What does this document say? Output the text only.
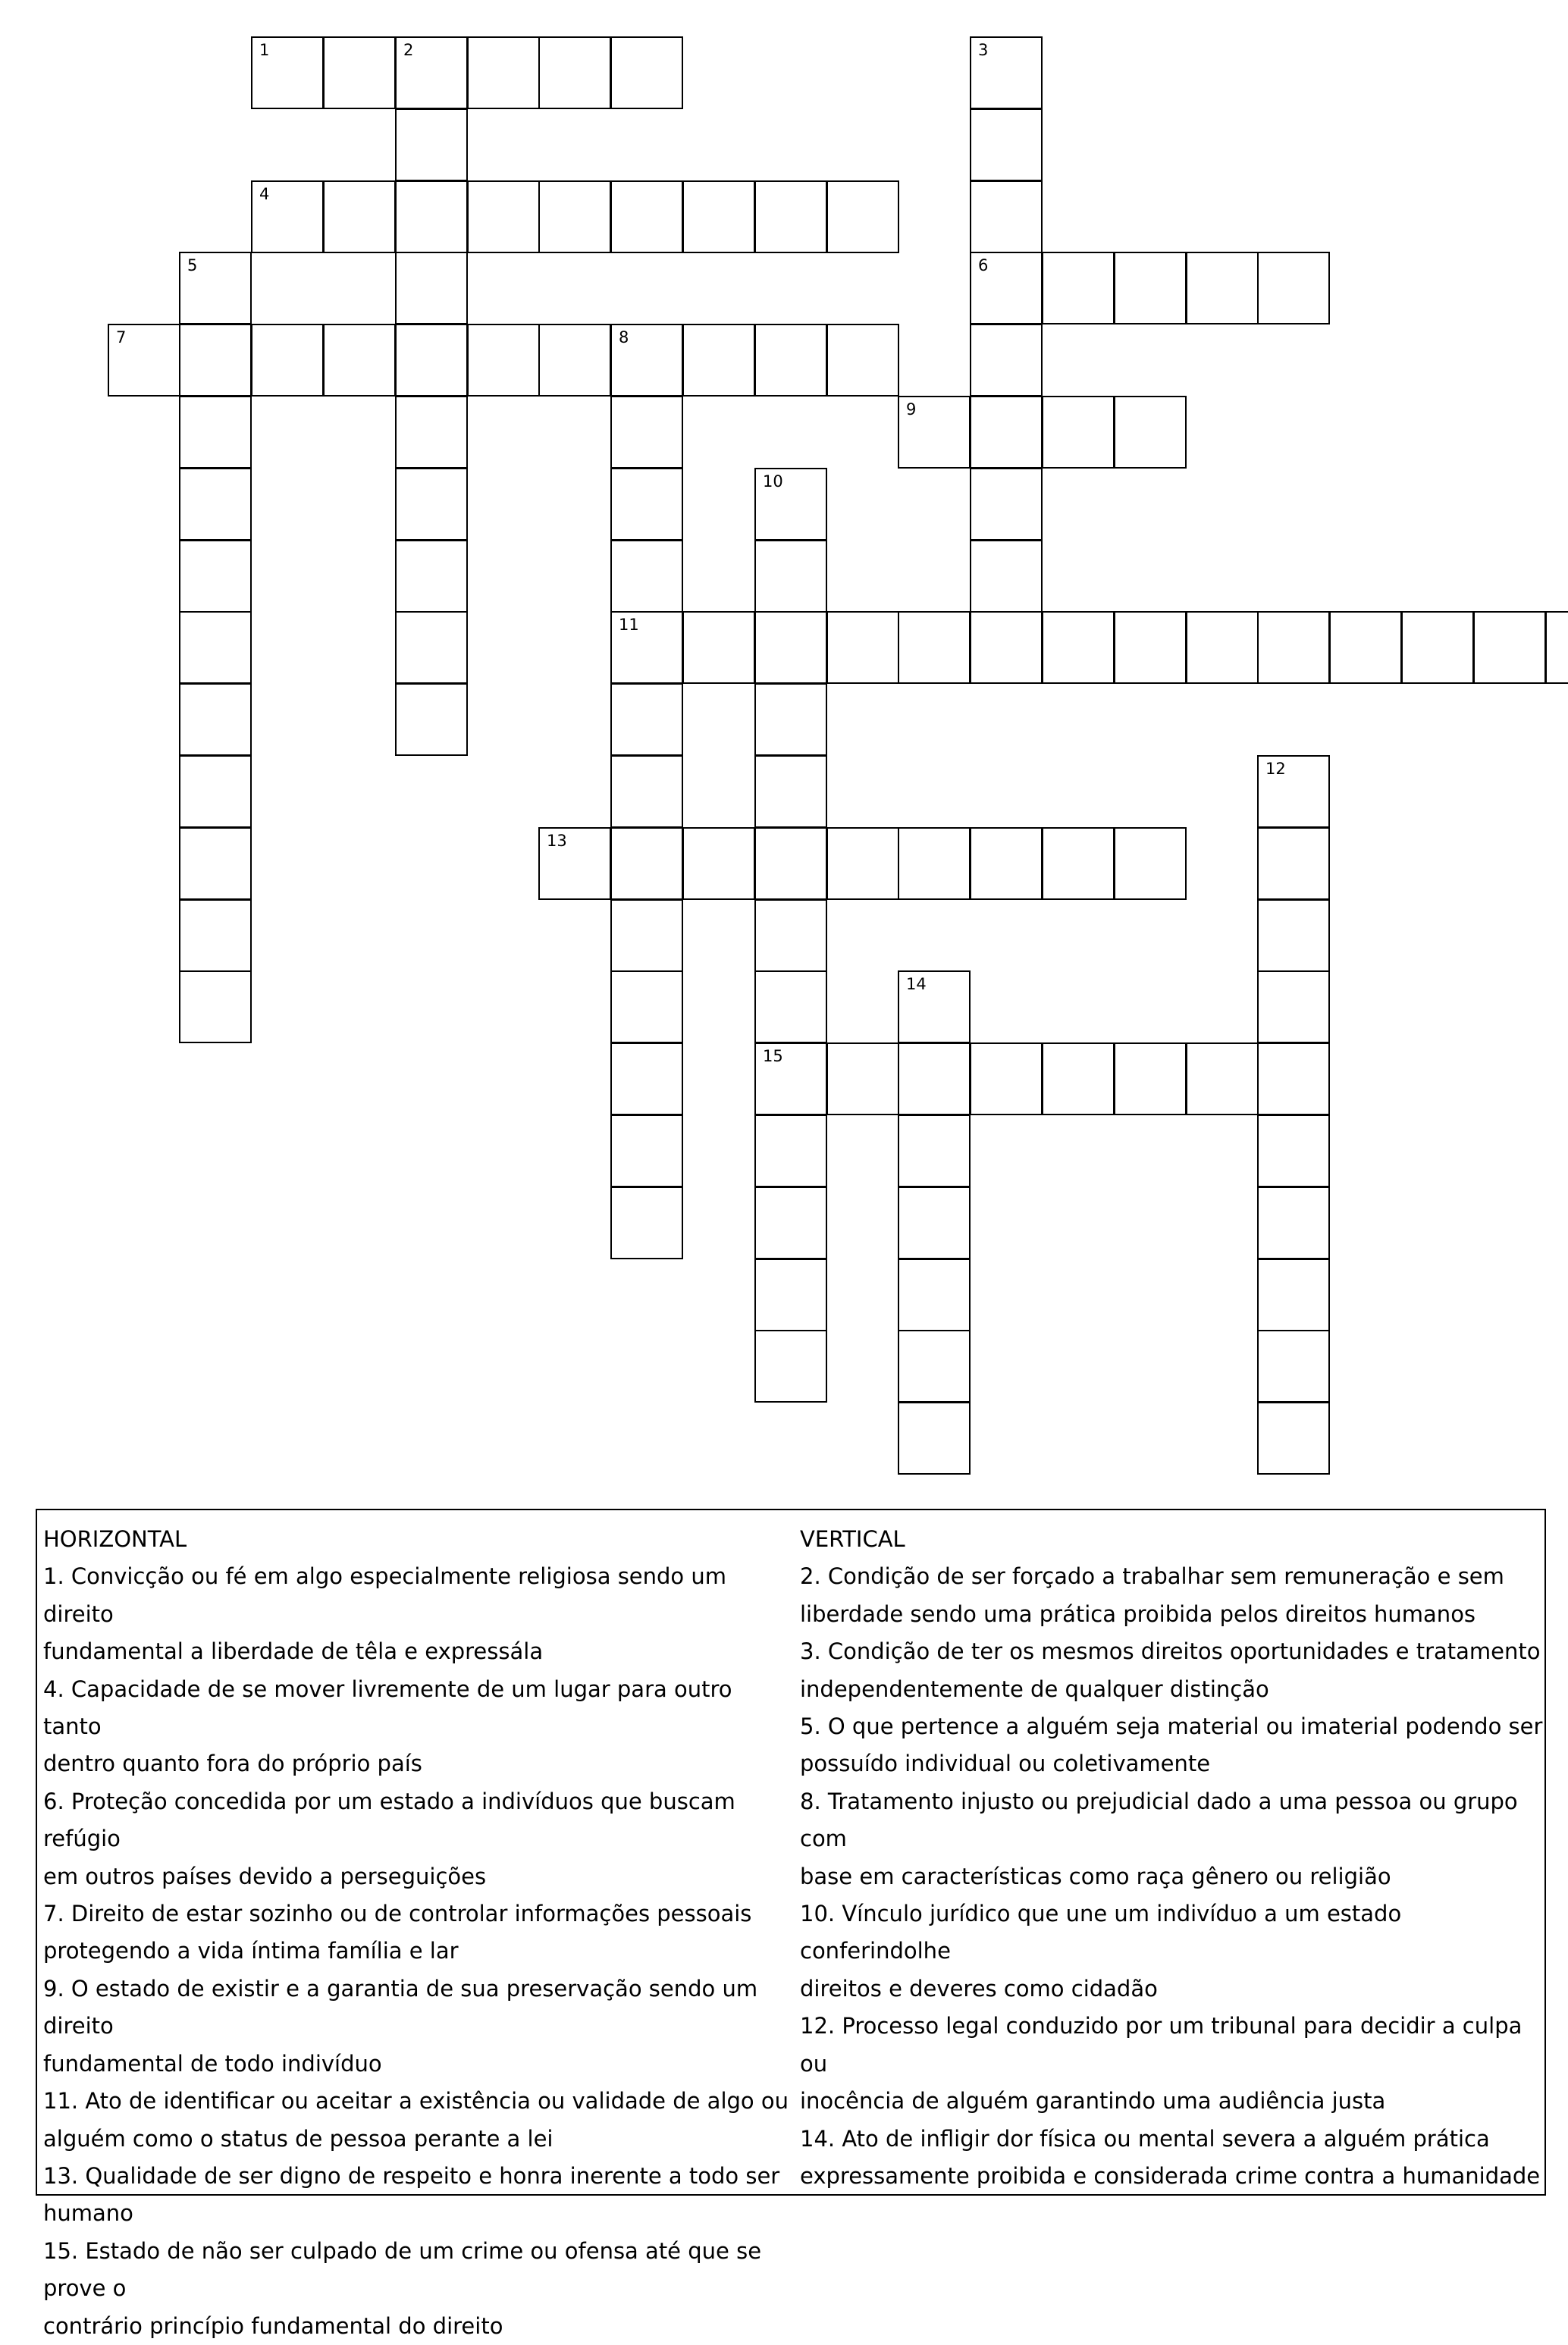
1	2	3
4
5	6
7	8
9
10
11
12
13
14
15
HORIZONTAL
1. Convicção ou fé em algo especialmente religiosa sendo um direito
fundamental a liberdade de têla e expressála
4. Capacidade de se mover livremente de um lugar para outro tanto
dentro quanto fora do próprio país
6. Proteção concedida por um estado a indivíduos que buscam refúgio
em outros países devido a perseguições
7. Direito de estar sozinho ou de controlar informações pessoais
protegendo a vida íntima família e lar
9. O estado de existir e a garantia de sua preservação sendo um direito
fundamental de todo indivíduo
11. Ato de identificar ou aceitar a existência ou validade de algo ou
alguém como o status de pessoa perante a lei
13. Qualidade de ser digno de respeito e honra inerente a todo ser
humano
15. Estado de não ser culpado de um crime ou ofensa até que se prove o
contrário princípio fundamental do direito
VERTICAL
2. Condição de ser forçado a trabalhar sem remuneração e sem
liberdade sendo uma prática proibida pelos direitos humanos
3. Condição de ter os mesmos direitos oportunidades e tratamento
independentemente de qualquer distinção
5. O que pertence a alguém seja material ou imaterial podendo ser
possuído individual ou coletivamente
8. Tratamento injusto ou prejudicial dado a uma pessoa ou grupo com
base em características como raça gênero ou religião
10. Vínculo jurídico que une um indivíduo a um estado conferindolhe
direitos e deveres como cidadão
12. Processo legal conduzido por um tribunal para decidir a culpa ou
inocência de alguém garantindo uma audiência justa
14. Ato de infligir dor física ou mental severa a alguém prática
expressamente proibida e considerada crime contra a humanidade
